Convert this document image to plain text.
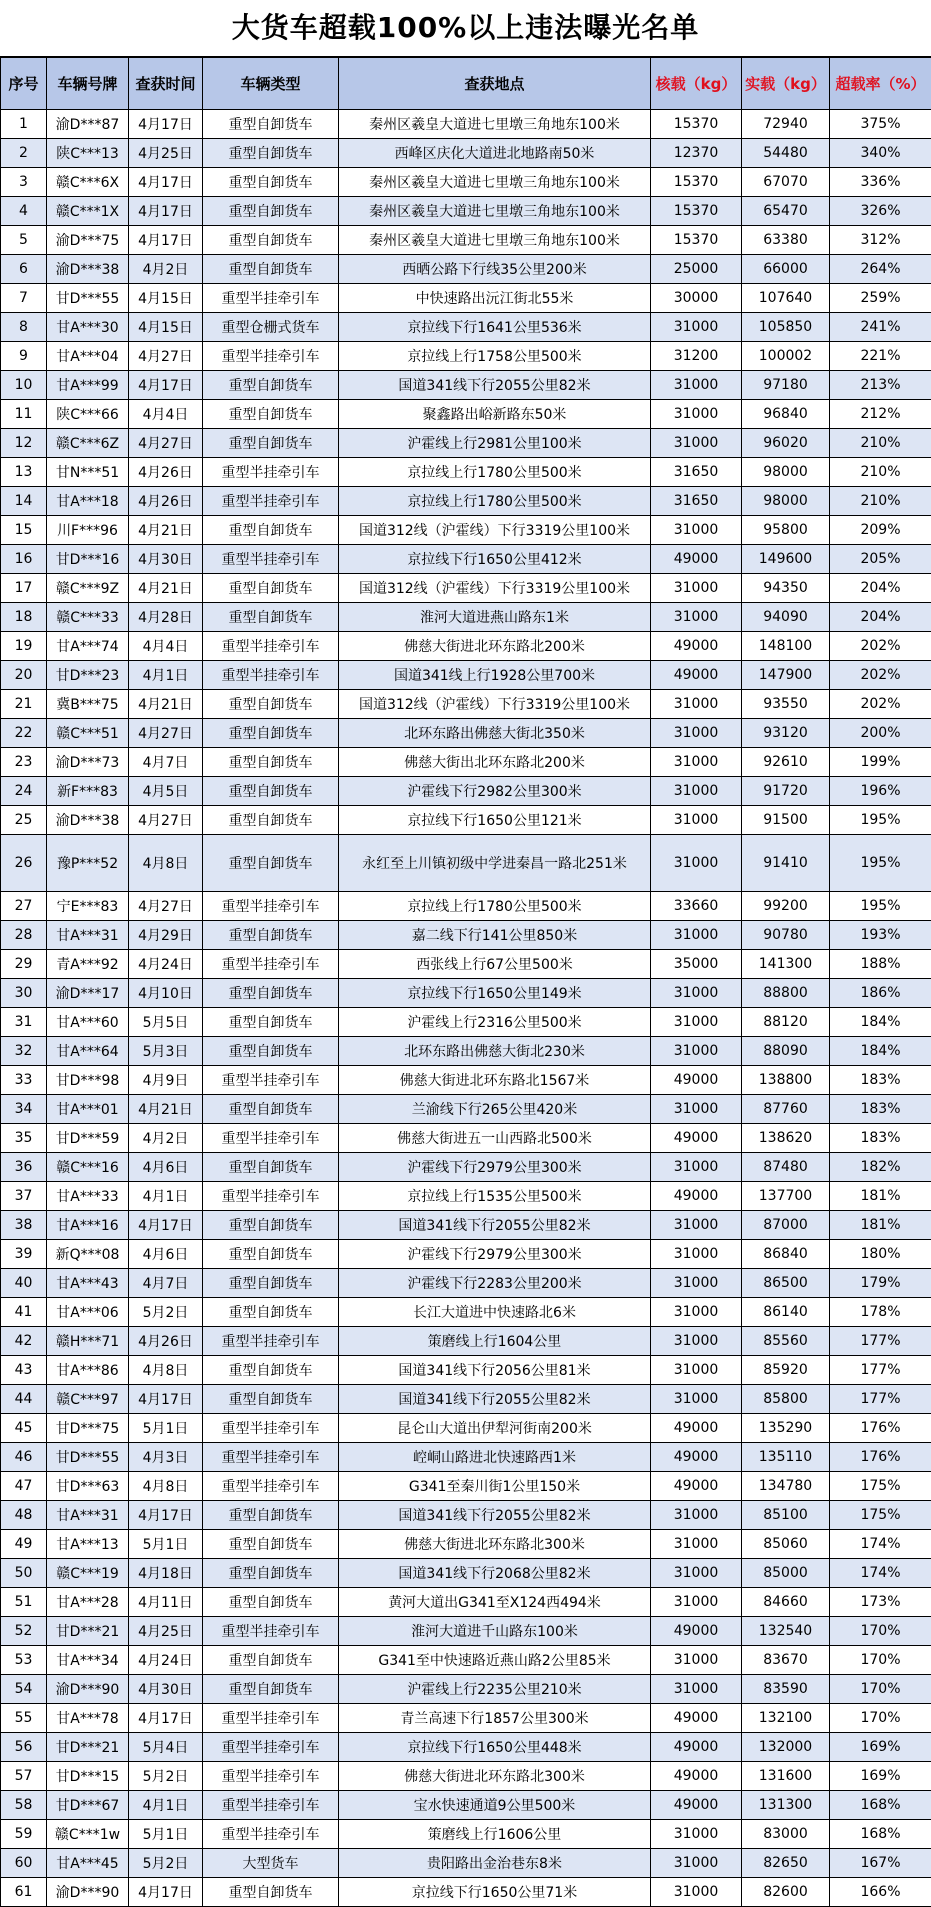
大货车超载100%以上违法曝光名单
序号	车辆号牌	查获时间	车辆类型	查获地点	核载（kg）	实载（kg）	超载率（%）
1	渝D***87	4月17日	重型自卸货车	秦州区羲皇大道进七里墩三角地东100米	15370	72940	375%
2	陕C***13	4月25日	重型自卸货车	西峰区庆化大道进北地路南50米	12370	54480	340%
3	赣C***6X	4月17日	重型自卸货车	秦州区羲皇大道进七里墩三角地东100米	15370	67070	336%
4	赣C***1X	4月17日	重型自卸货车	秦州区羲皇大道进七里墩三角地东100米	15370	65470	326%
5	渝D***75	4月17日	重型自卸货车	秦州区羲皇大道进七里墩三角地东100米	15370	63380	312%
6	渝D***38	4月2日	重型自卸货车	西晒公路下行线35公里200米	25000	66000	264%
7	甘D***55	4月15日	重型半挂牵引车	中快速路出沅江街北55米	30000	107640	259%
8	甘A***30	4月15日	重型仓栅式货车	京拉线下行1641公里536米	31000	105850	241%
9	甘A***04	4月27日	重型半挂牵引车	京拉线上行1758公里500米	31200	100002	221%
10	甘A***99	4月17日	重型自卸货车	国道341线下行2055公里82米	31000	97180	213%
11	陕C***66	4月4日	重型自卸货车	聚鑫路出峪新路东50米	31000	96840	212%
12	赣C***6Z	4月27日	重型自卸货车	沪霍线上行2981公里100米	31000	96020	210%
13	甘N***51	4月26日	重型半挂牵引车	京拉线上行1780公里500米	31650	98000	210%
14	甘A***18	4月26日	重型半挂牵引车	京拉线上行1780公里500米	31650	98000	210%
15	川F***96	4月21日	重型自卸货车	国道312线（沪霍线）下行3319公里100米	31000	95800	209%
16	甘D***16	4月30日	重型半挂牵引车	京拉线下行1650公里412米	49000	149600	205%
17	赣C***9Z	4月21日	重型自卸货车	国道312线（沪霍线）下行3319公里100米	31000	94350	204%
18	赣C***33	4月28日	重型自卸货车	淮河大道进燕山路东1米	31000	94090	204%
19	甘A***74	4月4日	重型半挂牵引车	佛慈大街进北环东路北200米	49000	148100	202%
20	甘D***23	4月1日	重型半挂牵引车	国道341线上行1928公里700米	49000	147900	202%
21	冀B***75	4月21日	重型自卸货车	国道312线（沪霍线）下行3319公里100米	31000	93550	202%
22	赣C***51	4月27日	重型自卸货车	北环东路出佛慈大街北350米	31000	93120	200%
23	渝D***73	4月7日	重型自卸货车	佛慈大街出北环东路北200米	31000	92610	199%
24	新F***83	4月5日	重型自卸货车	沪霍线下行2982公里300米	31000	91720	196%
25	渝D***38	4月27日	重型自卸货车	京拉线下行1650公里121米	31000	91500	195%
26	豫P***52	4月8日	重型自卸货车	永红至上川镇初级中学进秦昌一路北251米	31000	91410	195%
27	宁E***83	4月27日	重型半挂牵引车	京拉线上行1780公里500米	33660	99200	195%
28	甘A***31	4月29日	重型自卸货车	嘉二线下行141公里850米	31000	90780	193%
29	青A***92	4月24日	重型半挂牵引车	西张线上行67公里500米	35000	141300	188%
30	渝D***17	4月10日	重型自卸货车	京拉线下行1650公里149米	31000	88800	186%
31	甘A***60	5月5日	重型自卸货车	沪霍线上行2316公里500米	31000	88120	184%
32	甘A***64	5月3日	重型自卸货车	北环东路出佛慈大街北230米	31000	88090	184%
33	甘D***98	4月9日	重型半挂牵引车	佛慈大街进北环东路北1567米	49000	138800	183%
34	甘A***01	4月21日	重型自卸货车	兰渝线下行265公里420米	31000	87760	183%
35	甘D***59	4月2日	重型半挂牵引车	佛慈大街进五一山西路北500米	49000	138620	183%
36	赣C***16	4月6日	重型自卸货车	沪霍线下行2979公里300米	31000	87480	182%
37	甘A***33	4月1日	重型半挂牵引车	京拉线上行1535公里500米	49000	137700	181%
38	甘A***16	4月17日	重型自卸货车	国道341线下行2055公里82米	31000	87000	181%
39	新Q***08	4月6日	重型自卸货车	沪霍线下行2979公里300米	31000	86840	180%
40	甘A***43	4月7日	重型自卸货车	沪霍线下行2283公里200米	31000	86500	179%
41	甘A***06	5月2日	重型自卸货车	长江大道进中快速路北6米	31000	86140	178%
42	赣H***71	4月26日	重型半挂牵引车	策磨线上行1604公里	31000	85560	177%
43	甘A***86	4月8日	重型自卸货车	国道341线下行2056公里81米	31000	85920	177%
44	赣C***97	4月17日	重型自卸货车	国道341线下行2055公里82米	31000	85800	177%
45	甘D***75	5月1日	重型半挂牵引车	昆仑山大道出伊犁河街南200米	49000	135290	176%
46	甘D***55	4月3日	重型半挂牵引车	崆峒山路进北快速路西1米	49000	135110	176%
47	甘D***63	4月8日	重型半挂牵引车	G341至秦川街1公里150米	49000	134780	175%
48	甘A***31	4月17日	重型自卸货车	国道341线下行2055公里82米	31000	85100	175%
49	甘A***13	5月1日	重型自卸货车	佛慈大街进北环东路北300米	31000	85060	174%
50	赣C***19	4月18日	重型自卸货车	国道341线下行2068公里82米	31000	85000	174%
51	甘A***28	4月11日	重型自卸货车	黄河大道出G341至X124西494米	31000	84660	173%
52	甘D***21	4月25日	重型半挂牵引车	淮河大道进千山路东100米	49000	132540	170%
53	甘A***34	4月24日	重型自卸货车	G341至中快速路近燕山路2公里85米	31000	83670	170%
54	渝D***90	4月30日	重型自卸货车	沪霍线上行2235公里210米	31000	83590	170%
55	甘A***78	4月17日	重型半挂牵引车	青兰高速下行1857公里300米	49000	132100	170%
56	甘D***21	5月4日	重型半挂牵引车	京拉线下行1650公里448米	49000	132000	169%
57	甘D***15	5月2日	重型半挂牵引车	佛慈大街进北环东路北300米	49000	131600	169%
58	甘D***67	4月1日	重型半挂牵引车	宝水快速通道9公里500米	49000	131300	168%
59	赣C***1w	5月1日	重型半挂牵引车	策磨线上行1606公里	31000	83000	168%
60	甘A***45	5月2日	大型货车	贵阳路出金治巷东8米	31000	82650	167%
61	渝D***90	4月17日	重型自卸货车	京拉线下行1650公里71米	31000	82600	166%
